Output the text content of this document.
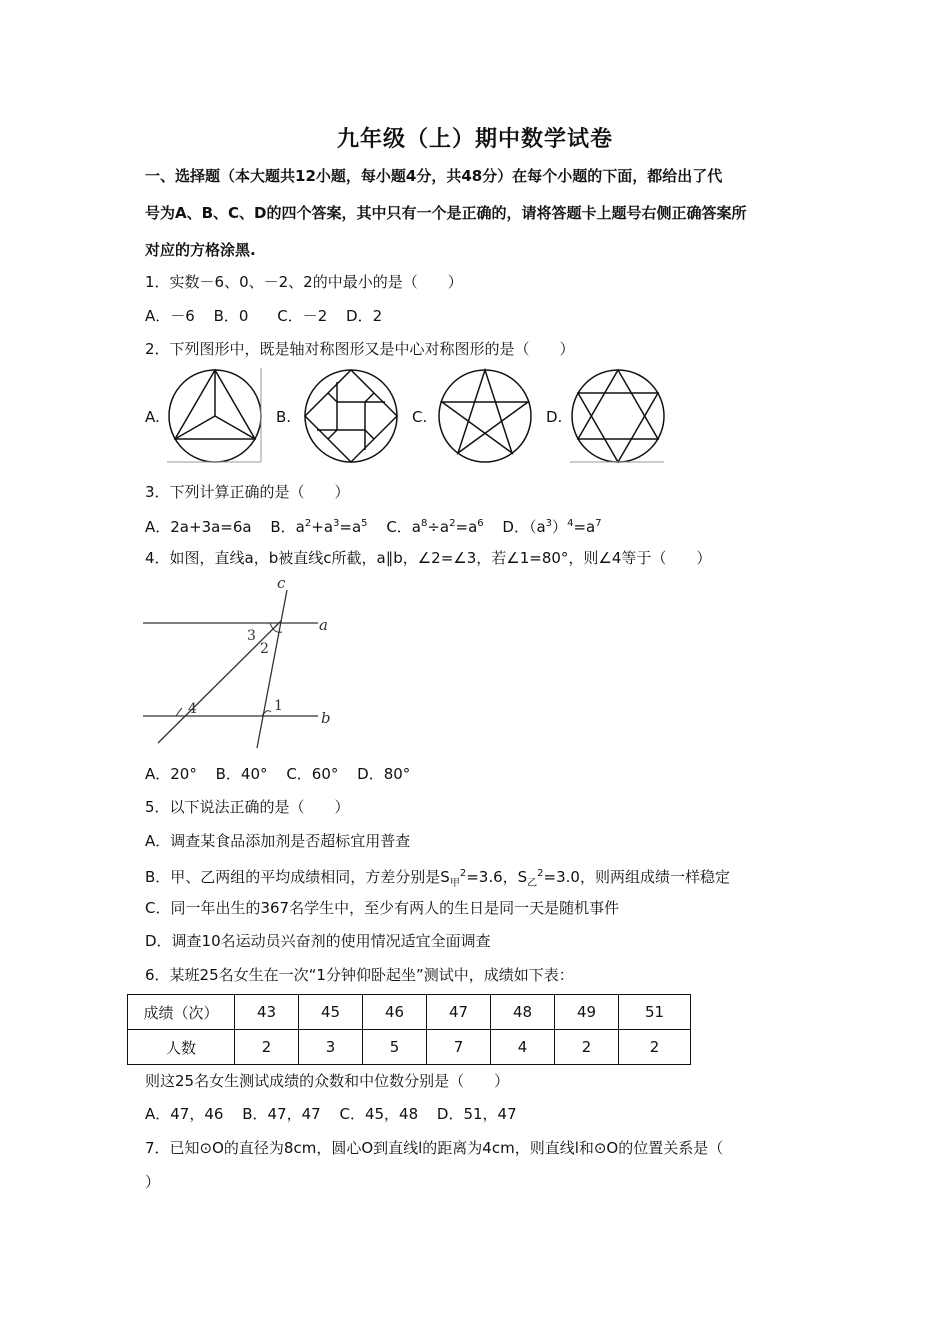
九年级（上）期中数学试卷
一、选择题（本大题共12小题，每小题4分，共48分）在每个小题的下面，都给出了代
号为A、B、C、D的四个答案，其中只有一个是正确的，请将答题卡上题号右侧正确答案所
对应的方格涂黑.
1．实数－6、0、－2、2的中最小的是（　　）
A．－6 B．0 C．－2 D．2
2．下列图形中，既是轴对称图形又是中心对称图形的是（　　）
A.	B.	C.	D.
3．下列计算正确的是（　　）
A．2a+3a=6a B．$a^2+a^3=a^5$ C．$a^8\div a^2=a^6$ D．$(a^3)^4=a^7$
4．如图，直线a，b被直线c所截，a∥b，∠2=∠3，若∠1=80°，则∠4等于（　　）
c
a
b
1
2
3
4
A．20° B．40° C．60° D．80°
5．以下说法正确的是（　　）
A．调查某食品添加剂是否超标宜用普查
B．甲、乙两组的平均成绩相同，方差分别是$S_甲^2=3.6$，$S_乙^2=3.0$，则两组成绩一样稳定
C．同一年出生的367名学生中，至少有两人的生日是同一天是随机事件
D．调查10名运动员兴奋剂的使用情况适宜全面调查
6．某班25名女生在一次“1分钟仰卧起坐”测试中，成绩如下表：
成绩（次）	43	45	46	47	48	49	51
人数	2	3	5	7	4	2	2
则这25名女生测试成绩的众数和中位数分别是（　　）
A．47，46 B．47，47 C．45，48 D．51，47
7．已知⊙O的直径为8cm，圆心O到直线l的距离为4cm，则直线l和⊙O的位置关系是（
）
